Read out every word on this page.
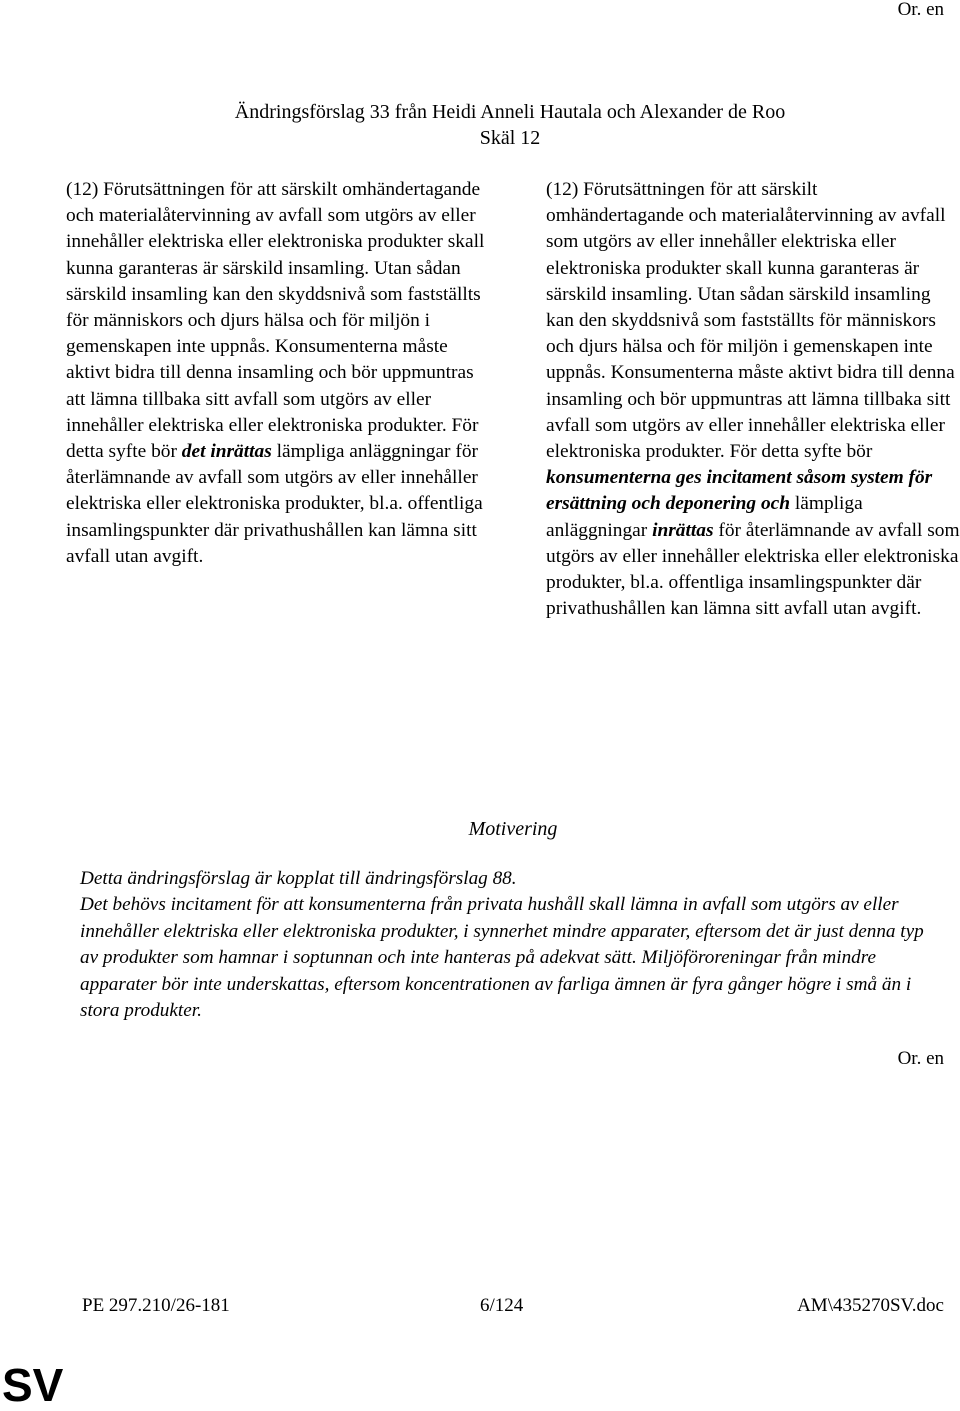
Or. en
Ändringsförslag 33 från Heidi Anneli Hautala och Alexander de Roo
Skäl 12

(12) Förutsättningen för att särskilt omhändertagande och materialåtervinning av avfall som utgörs av eller innehåller elektriska eller elektroniska produkter skall kunna garanteras är särskild insamling. Utan sådan särskild insamling kan den skyddsnivå som fastställts för människors och djurs hälsa och för miljön i gemenskapen inte uppnås. Konsumenterna måste aktivt bidra till denna insamling och bör uppmuntras att lämna tillbaka sitt avfall som utgörs av eller innehåller elektriska eller elektroniska produkter. För detta syfte bör det inrättas lämpliga anläggningar för återlämnande av avfall som utgörs av eller innehåller elektriska eller elektroniska produkter, bl.a. offentliga insamlingspunkter där privathushållen kan lämna sitt avfall utan avgift.

(12) Förutsättningen för att särskilt omhändertagande och materialåtervinning av avfall som utgörs av eller innehåller elektriska eller elektroniska produkter skall kunna garanteras är särskild insamling. Utan sådan särskild insamling kan den skyddsnivå som fastställts för människors och djurs hälsa och för miljön i gemenskapen inte uppnås. Konsumenterna måste aktivt bidra till denna insamling och bör uppmuntras att lämna tillbaka sitt avfall som utgörs av eller innehåller elektriska eller elektroniska produkter. För detta syfte bör konsumenterna ges incitament såsom system för ersättning och deponering och lämpliga anläggningar inrättas för återlämnande av avfall som utgörs av eller innehåller elektriska eller elektroniska produkter, bl.a. offentliga insamlingspunkter där privathushållen kan lämna sitt avfall utan avgift.

Motivering

Detta ändringsförslag är kopplat till ändringsförslag 88.

Det behövs incitament för att konsumenterna från privata hushåll skall lämna in avfall som utgörs av eller innehåller elektriska eller elektroniska produkter, i synnerhet mindre apparater, eftersom det är just denna typ av produkter som hamnar i soptunnan och inte hanteras på adekvat sätt. Miljöföroreningar från mindre apparater bör inte underskattas, eftersom koncentrationen av farliga ämnen är fyra gånger högre i små än i stora produkter.

Or. en
PE 297.210/26-181	6/124	AM\435270SV.doc
SV
